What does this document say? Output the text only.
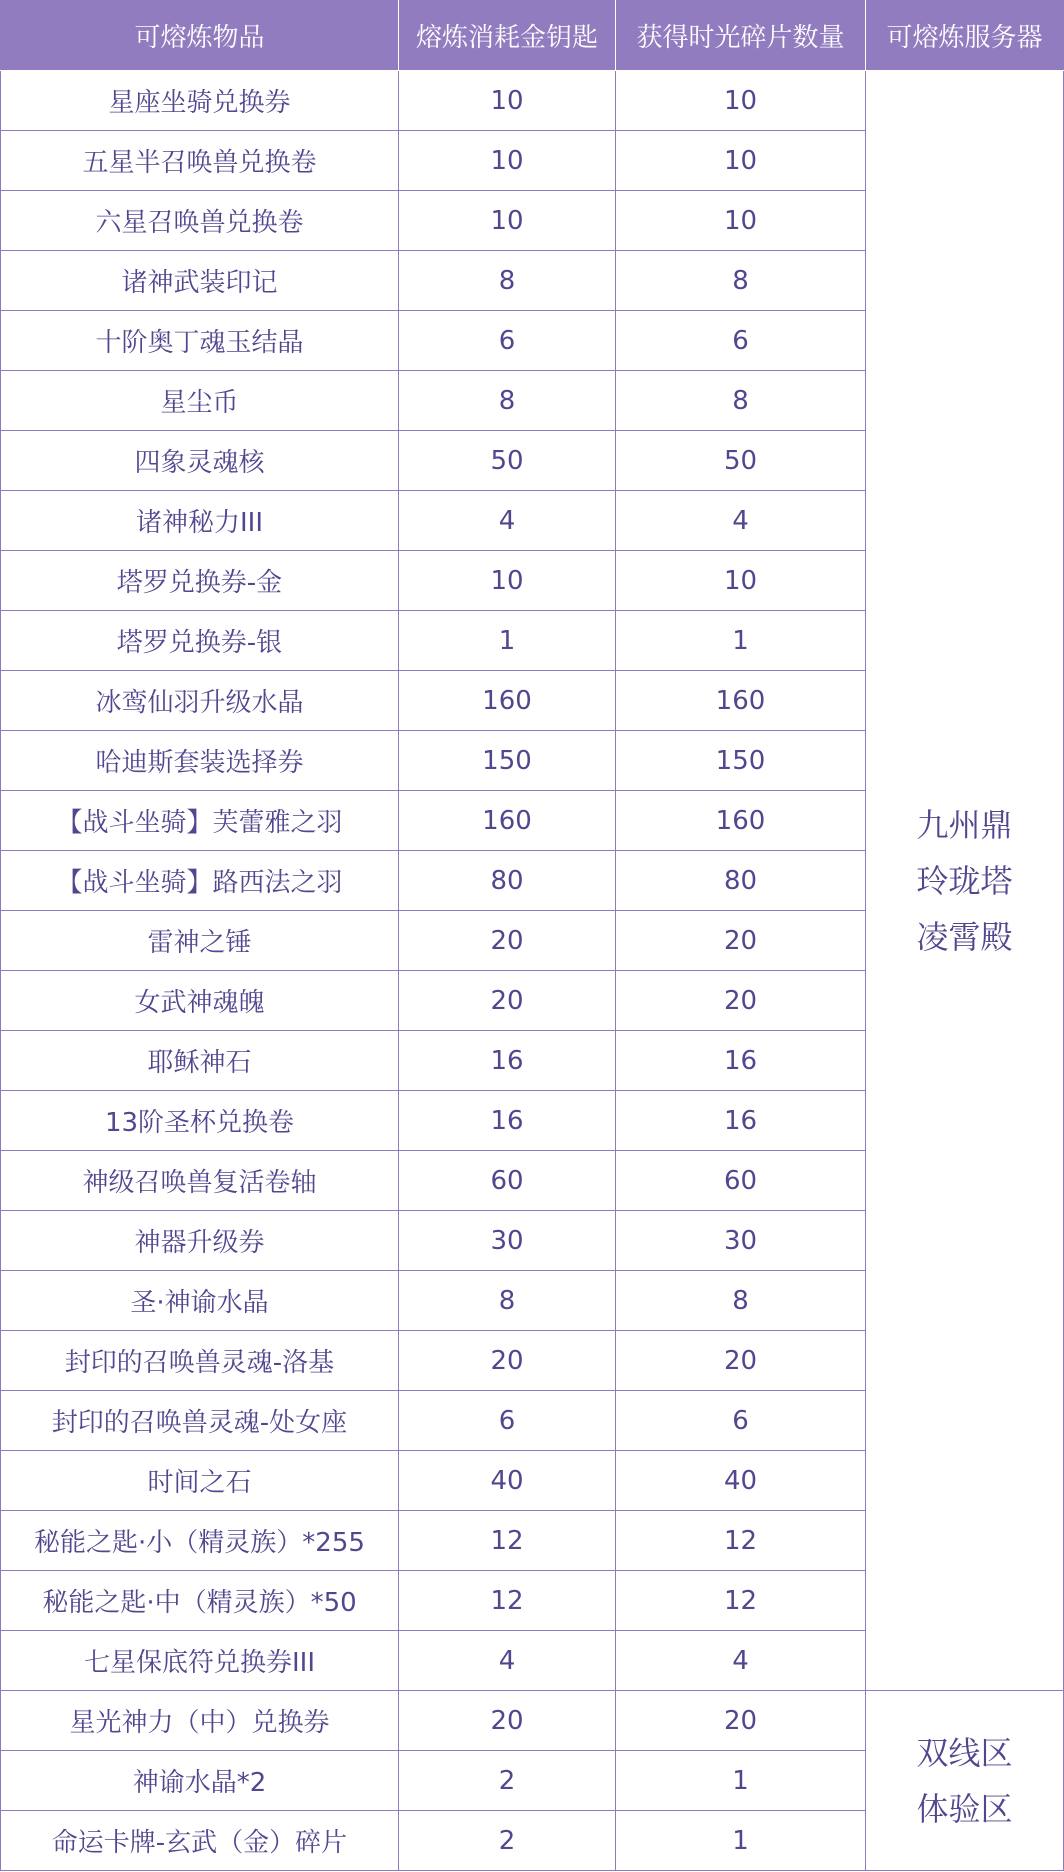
可熔炼物品	熔炼消耗金钥匙	获得时光碎片数量	可熔炼服务器
星座坐骑兑换券	10	10	九州鼎
玲珑塔
凌霄殿

五星半召唤兽兑换卷	10	10	
六星召唤兽兑换卷	10	10	
诸神武装印记	8	8	
十阶奥丁魂玉结晶	6	6	
星尘币	8	8	
四象灵魂核	50	50	
诸神秘力III	4	4	
塔罗兑换券-金	10	10	
塔罗兑换券-银	1	1	
冰鸾仙羽升级水晶	160	160	
哈迪斯套装选择券	150	150	
【战斗坐骑】芙蕾雅之羽	160	160	
【战斗坐骑】路西法之羽	80	80	
雷神之锤	20	20	
女武神魂魄	20	20	
耶稣神石	16	16	
13阶圣杯兑换卷	16	16	
神级召唤兽复活卷轴	60	60	
神器升级券	30	30	
圣·神谕水晶	8	8	
封印的召唤兽灵魂-洛基	20	20	
封印的召唤兽灵魂-处女座	6	6	
时间之石	40	40	
秘能之匙·小（精灵族）*255	12	12	
秘能之匙·中（精灵族）*50	12	12	
七星保底符兑换券III	4	4	
星光神力（中）兑换券	20	20	双线区
体验区

神谕水晶*2	2	1	
命运卡牌-玄武（金）碎片	2	1	
